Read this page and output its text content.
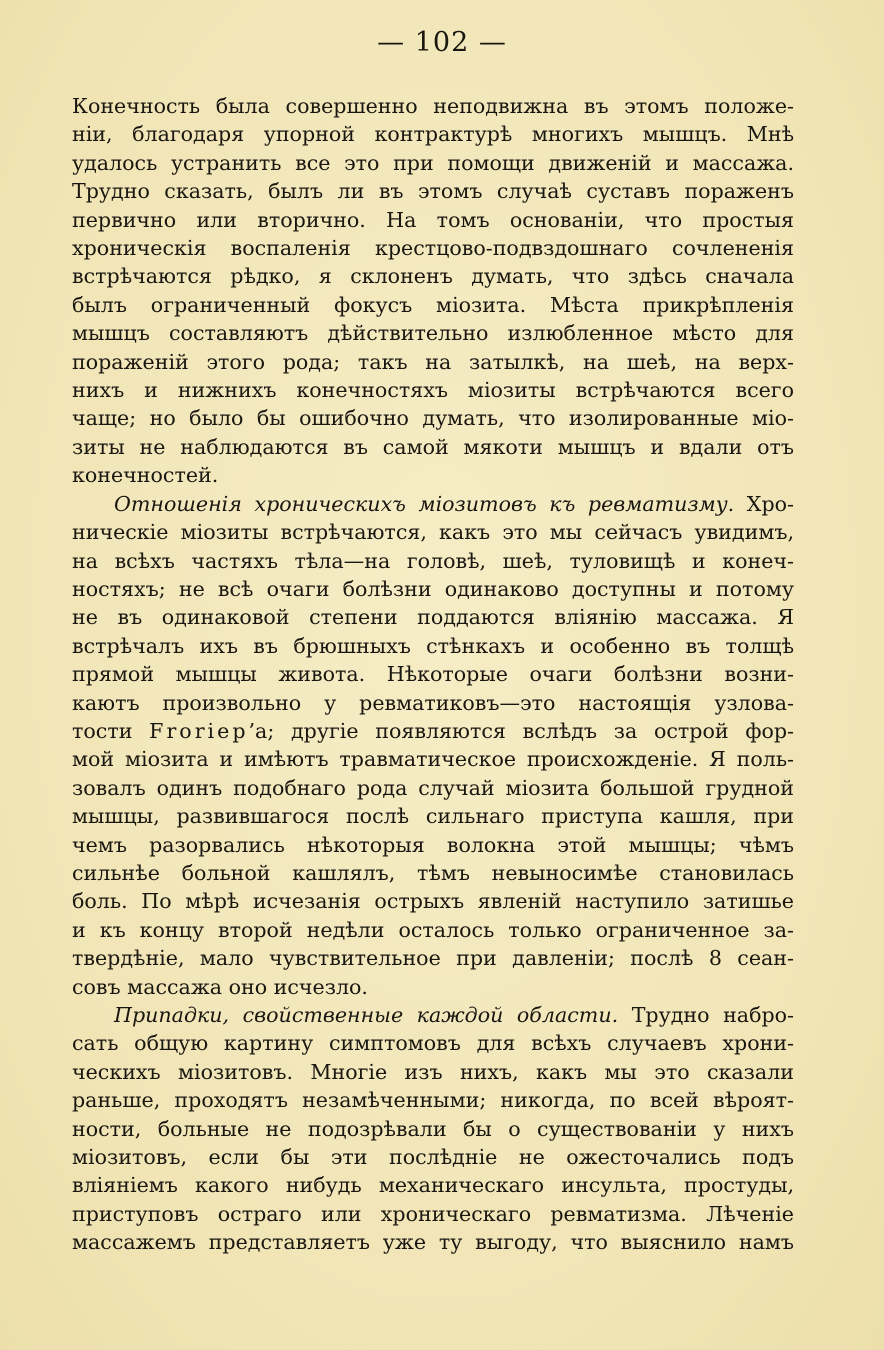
— 102 —

Конечность была совершенно неподвижна въ этомъ положе-

ніи, благодаря упорной контрактурѣ многихъ мышцъ. Мнѣ

удалось устранить все это при помощи движеній и массажа.

Трудно сказать, былъ ли въ этомъ случаѣ суставъ пораженъ

первично или вторично. На томъ основаніи, что простыя

хроническія воспаленія крестцово-подвздошнаго сочлененія

встрѣчаются рѣдко, я склоненъ думать, что здѣсь сначала

былъ ограниченный фокусъ міозита. Мѣста прикрѣпленія

мышцъ составляютъ дѣйствительно излюбленное мѣсто для

пораженій этого рода; такъ на затылкѣ, на шеѣ, на верх-

нихъ и нижнихъ конечностяхъ міозиты встрѣчаются всего

чаще; но было бы ошибочно думать, что изолированные міо-

зиты не наблюдаются въ самой мякоти мышцъ и вдали отъ

конечностей.

Отношенія хроническихъ міозитовъ къ ревматизму. Хро-

ническіе міозиты встрѣчаются, какъ это мы сейчасъ увидимъ,

на всѣхъ частяхъ тѣла—на головѣ, шеѣ, туловищѣ и конеч-

ностяхъ; не всѣ очаги болѣзни одинаково доступны и потому

не въ одинаковой степени поддаются вліянію массажа. Я

встрѣчалъ ихъ въ брюшныхъ стѣнкахъ и особенно въ толщѣ

прямой мышцы живота. Нѣкоторые очаги болѣзни возни-

каютъ произвольно у ревматиковъ—это настоящія узлова-

тости Froriep’а; другіе появляются вслѣдъ за острой фор-

мой міозита и имѣютъ травматическое происхожденіе. Я поль-

зовалъ одинъ подобнаго рода случай міозита большой грудной

мышцы, развившагося послѣ сильнаго приступа кашля, при

чемъ разорвались нѣкоторыя волокна этой мышцы; чѣмъ

сильнѣе больной кашлялъ, тѣмъ невыносимѣе становилась

боль. По мѣрѣ исчезанія острыхъ явленій наступило затишье

и къ концу второй недѣли осталось только ограниченное за-

твердѣніе, мало чувствительное при давленіи; послѣ 8 сеан-

совъ массажа оно исчезло.

Припадки, свойственные каждой области. Трудно набро-

сать общую картину симптомовъ для всѣхъ случаевъ хрони-

ческихъ міозитовъ. Многіе изъ нихъ, какъ мы это сказали

раньше, проходятъ незамѣченными; никогда, по всей вѣроят-

ности, больные не подозрѣвали бы о существованіи у нихъ

міозитовъ, если бы эти послѣдніе не ожесточались подъ

вліяніемъ какого нибудь механическаго инсульта, простуды,

приступовъ остраго или хроническаго ревматизма. Лѣченіе

массажемъ представляетъ уже ту выгоду, что выяснило намъ
